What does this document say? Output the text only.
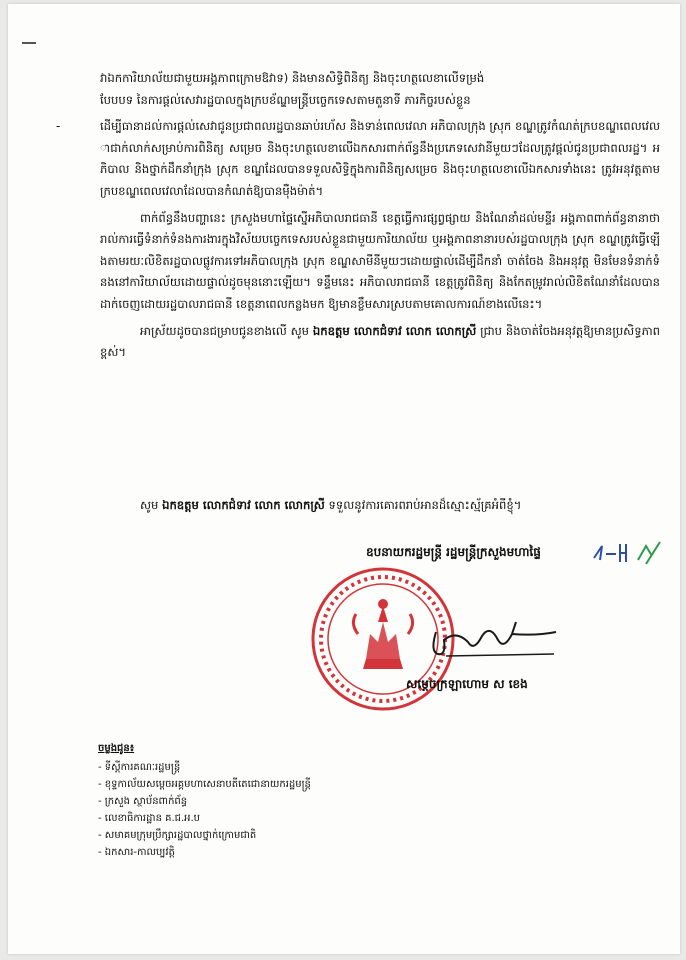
វាឯកការិយាល័យជាមួយអង្គភាពក្រោមឱវាទ) និងមានសិទ្ធិពិនិត្យ និងចុះហត្ថលេខាលើទម្រង់
បែបបទ នៃការផ្តល់សេវារដ្ឋបាលក្នុងក្របខ័ណ្ឌមន្ត្រីបច្ចេកទេសតាមតួនាទី ភារកិច្ចរបស់ខ្លួន

-	ដើម្បីធានាដល់ការផ្តល់សេវាជូនប្រជាពលរដ្ឋបានឆាប់រហ័ស និងទាន់ពេលវេលា អភិបាលក្រុង ស្រុក ខណ្ឌត្រូវកំណត់ក្របខណ្ឌពេលវេលាជាក់លាក់សម្រាប់ការពិនិត្យ សម្រេច និងចុះហត្ថលេខាលើឯកសារពាក់ព័ន្ធនឹងប្រភេទសេវានីមួយៗដែលត្រូវផ្តល់ជូនប្រជាពលរដ្ឋ។ អភិបាល និងថ្នាក់ដឹកនាំក្រុង ស្រុក ខណ្ឌដែលបានទទួលសិទ្ធិក្នុងការពិនិត្យសម្រេច និងចុះហត្ថលេខាលើឯកសារទាំងនេះ ត្រូវអនុវត្តតាមក្របខណ្ឌពេលវេលាដែលបានកំណត់ឱ្យបានម៉ឺងម៉ាត់។

ពាក់ព័ន្ធនឹងបញ្ហានេះ ក្រសួងមហាផ្ទៃស្នើអភិបាលរាជធានី ខេត្តធ្វើការផ្សព្វផ្សាយ និងណែនាំដល់មន្ទីរ អង្គភាពពាក់ព័ន្ធនានាថា រាល់ការធ្វើទំនាក់ទំនងការងារក្នុងវិស័យបច្ចេកទេសរបស់ខ្លួនជាមួយការិយាល័យ ឬអង្គភាពនានារបស់រដ្ឋបាលក្រុង ស្រុក ខណ្ឌត្រូវធ្វើឡើងតាមរយៈលិខិតរដ្ឋបាលផ្លូវការទៅអភិបាលក្រុង ស្រុក ខណ្ឌសាមីនីមួយៗដោយផ្ទាល់ដើម្បីដឹកនាំ ចាត់ចែង និងអនុវត្ត មិនមែនទំនាក់ទំនងនៅការិយាល័យដោយផ្ទាល់ដូចមុននោះឡើយ។ ទន្ទឹមនេះ អភិបាលរាជធានី ខេត្តត្រូវពិនិត្យ និងកែតម្រូវរាល់លិខិតណែនាំដែលបានដាក់ចេញដោយរដ្ឋបាលរាជធានី ខេត្តនាពេលកន្លងមក ឱ្យមានខ្លឹមសារស្របតាមគោលការណ៍ខាងលើនេះ។

អាស្រ័យដូចបានជម្រាបជូនខាងលើ សូម ឯកឧត្តម លោកជំទាវ លោក លោកស្រី ជ្រាប និងចាត់ចែងអនុវត្តឱ្យមានប្រសិទ្ធភាពខ្ពស់។

សូម ឯកឧត្តម លោកជំទាវ លោក លោកស្រី ទទួលនូវការគោរពរាប់អានដ៏ស្មោះស្ម័គ្រអំពីខ្ញុំ។
ឧបនាយករដ្ឋមន្ត្រី រដ្ឋមន្ត្រីក្រសួងមហាផ្ទៃ
សម្តេចក្រឡាហោម ស ខេង
ចម្លងជូន៖
- ទីស្តីការគណៈរដ្ឋមន្ត្រី
- ខុទ្ទកាល័យសម្តេចអគ្គមហាសេនាបតីតេជោនាយករដ្ឋមន្ត្រី
- ក្រសួង ស្ថាប័នពាក់ព័ន្ធ
- លេខាធិការដ្ឋាន គ.ជ.អ.ប
- សមាគមក្រុមប្រឹក្សារដ្ឋបាលថ្នាក់ក្រោមជាតិ
- ឯកសារ-កាលប្បវត្តិ
